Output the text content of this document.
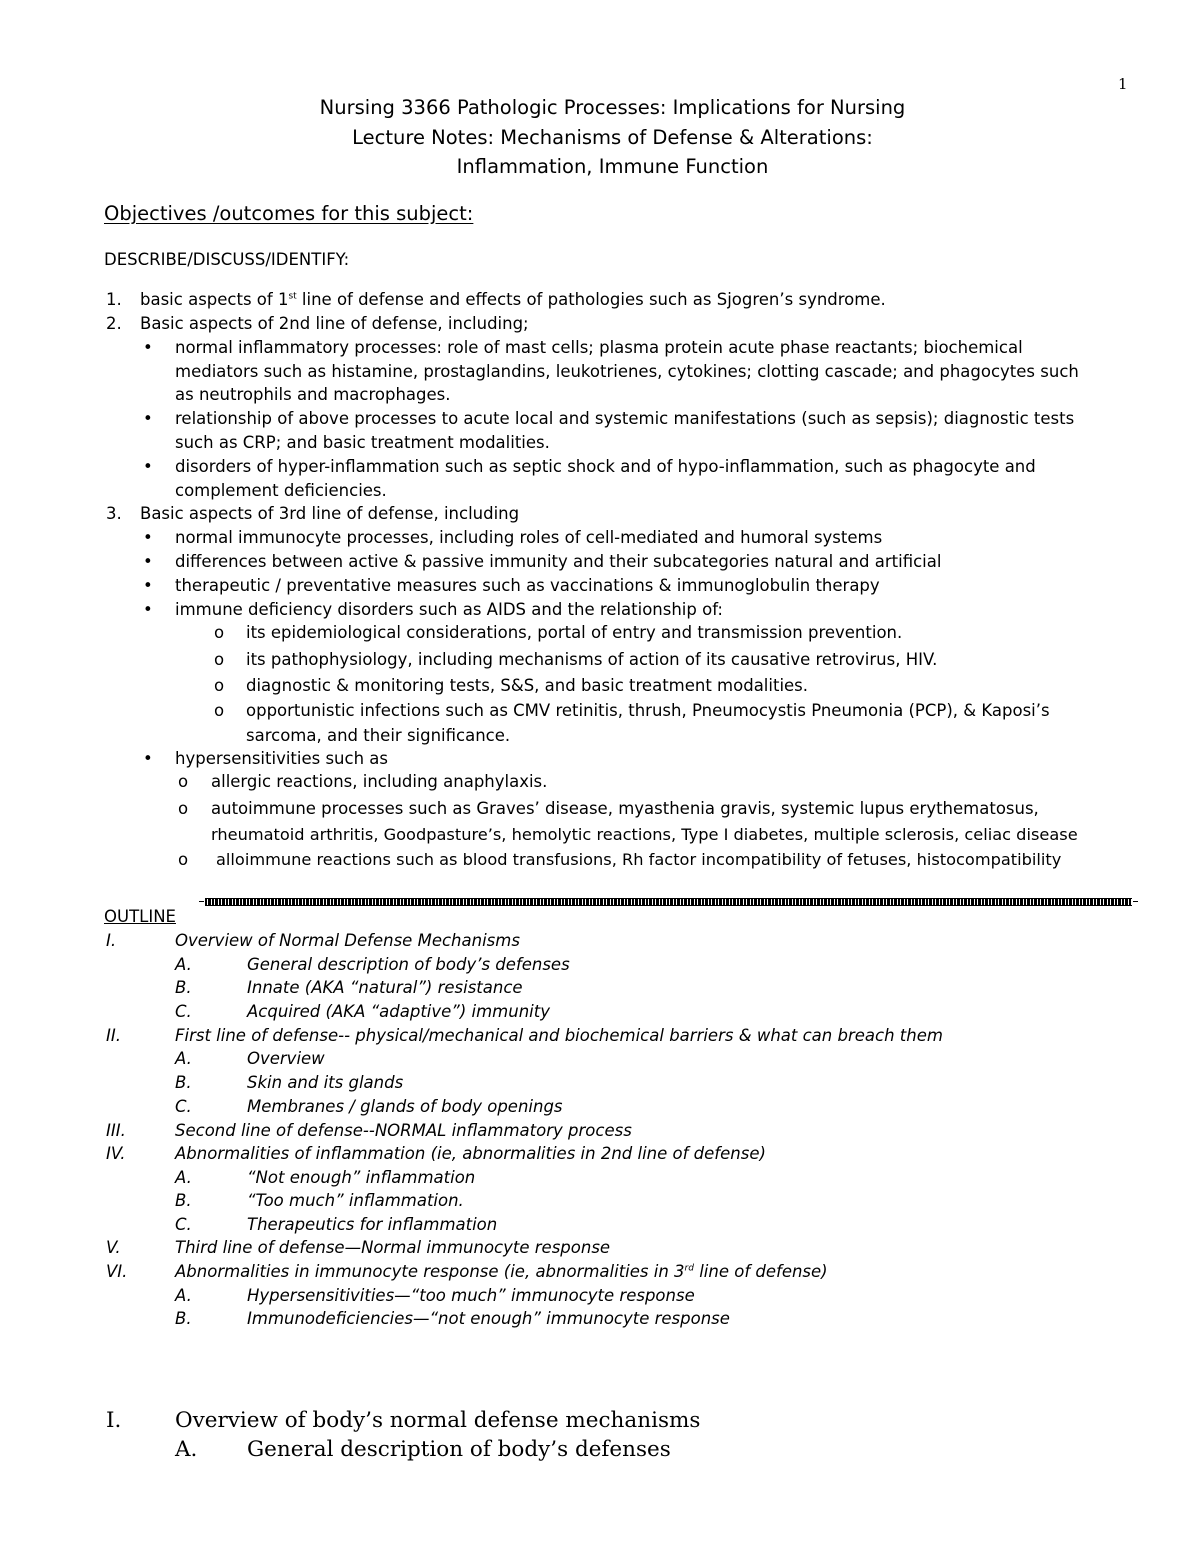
1
Nursing 3366 Pathologic Processes: Implications for Nursing
Lecture Notes: Mechanisms of Defense & Alterations:
Inflammation, Immune Function
Objectives /outcomes for this subject:
DESCRIBE/DISCUSS/IDENTIFY:
1. basic aspects of 1st line of defense and effects of pathologies such as Sjogren’s syndrome.
2. Basic aspects of 2nd line of defense, including;
• normal inflammatory processes: role of mast cells; plasma protein acute phase reactants; biochemical
mediators such as histamine, prostaglandins, leukotrienes, cytokines; clotting cascade; and phagocytes such
as neutrophils and macrophages.
• relationship of above processes to acute local and systemic manifestations (such as sepsis); diagnostic tests
such as CRP; and basic treatment modalities.
• disorders of hyper-inflammation such as septic shock and of hypo-inflammation, such as phagocyte and
complement deficiencies.
3. Basic aspects of 3rd line of defense, including
• normal immunocyte processes, including roles of cell-mediated and humoral systems
• differences between active & passive immunity and their subcategories natural and artificial
• therapeutic / preventative measures such as vaccinations & immunoglobulin therapy
• immune deficiency disorders such as AIDS and the relationship of:
o its epidemiological considerations, portal of entry and transmission prevention.
o its pathophysiology, including mechanisms of action of its causative retrovirus, HIV.
o diagnostic & monitoring tests, S&S, and basic treatment modalities.
o opportunistic infections such as CMV retinitis, thrush, Pneumocystis Pneumonia (PCP), & Kaposi’s
sarcoma, and their significance.
• hypersensitivities such as
o allergic reactions, including anaphylaxis.
o autoimmune processes such as Graves’ disease, myasthenia gravis, systemic lupus erythematosus,
rheumatoid arthritis, Goodpasture’s, hemolytic reactions, Type I diabetes, multiple sclerosis, celiac disease
o alloimmune reactions such as blood transfusions, Rh factor incompatibility of fetuses, histocompatibility
OUTLINE
I.	Overview of Normal Defense Mechanisms
A.	General description of body’s defenses
B.	Innate (AKA “natural”) resistance
C.	Acquired (AKA “adaptive”) immunity
II.	First line of defense-- physical/mechanical and biochemical barriers & what can breach them
A.	Overview
B.	Skin and its glands
C.	Membranes / glands of body openings
III.	Second line of defense--NORMAL inflammatory process
IV.	Abnormalities of inflammation (ie, abnormalities in 2nd line of defense)
A.	“Not enough” inflammation
B.	“Too much” inflammation.
C.	Therapeutics for inflammation
V.	Third line of defense—Normal immunocyte response
VI.	Abnormalities in immunocyte response (ie, abnormalities in 3rd line of defense)
A.	Hypersensitivities—“too much” immunocyte response
B.	Immunodeficiencies—“not enough” immunocyte response
I. Overview of body’s normal defense mechanisms
A. General description of body’s defenses
